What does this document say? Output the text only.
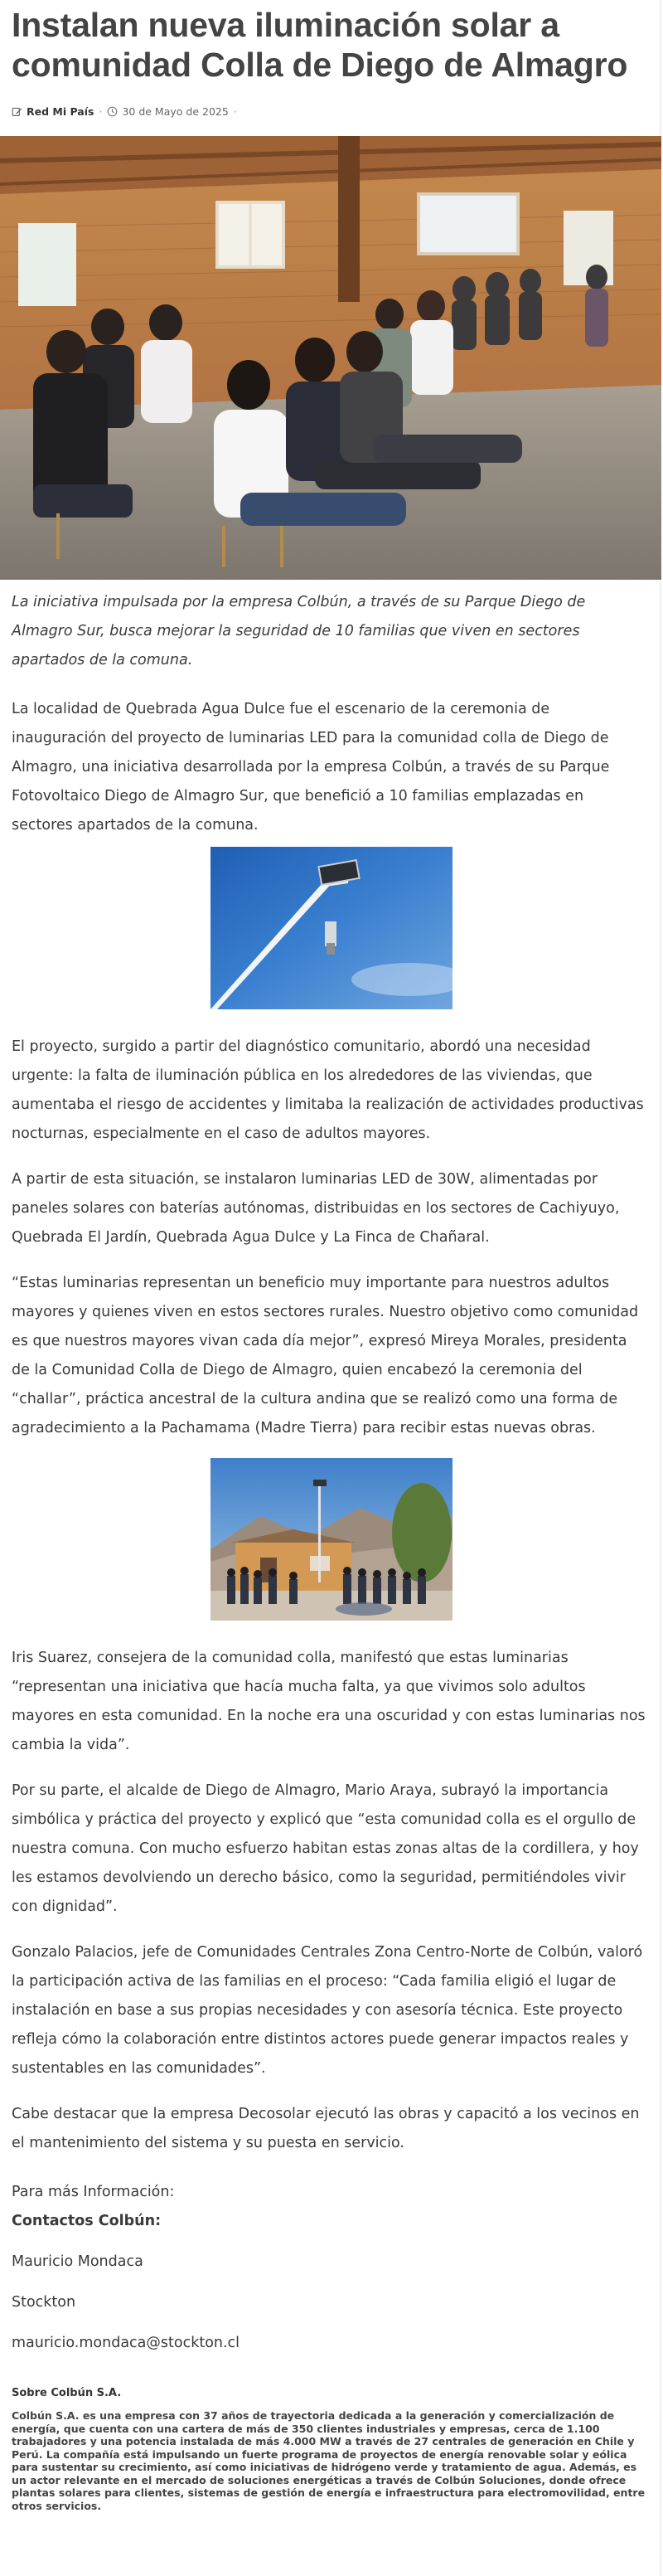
Instalan nueva iluminación solar a comunidad Colla de Diego de Almagro
Red Mi País · 30 de Mayo de 2025 ·

La iniciativa impulsada por la empresa Colbún, a través de su Parque Diego de Almagro Sur, busca mejorar la seguridad de 10 familias que viven en sectores apartados de la comuna.

La localidad de Quebrada Agua Dulce fue el escenario de la ceremonia de inauguración del proyecto de luminarias LED para la comunidad colla de Diego de Almagro, una iniciativa desarrollada por la empresa Colbún, a través de su Parque Fotovoltaico Diego de Almagro Sur, que benefició a 10 familias emplazadas en sectores apartados de la comuna.

El proyecto, surgido a partir del diagnóstico comunitario, abordó una necesidad urgente: la falta de iluminación pública en los alrededores de las viviendas, que aumentaba el riesgo de accidentes y limitaba la realización de actividades productivas nocturnas, especialmente en el caso de adultos mayores.

A partir de esta situación, se instalaron luminarias LED de 30W, alimentadas por paneles solares con baterías autónomas, distribuidas en los sectores de Cachiyuyo, Quebrada El Jardín, Quebrada Agua Dulce y La Finca de Chañaral.

“Estas luminarias representan un beneficio muy importante para nuestros adultos mayores y quienes viven en estos sectores rurales. Nuestro objetivo como comunidad es que nuestros mayores vivan cada día mejor”, expresó Mireya Morales, presidenta de la Comunidad Colla de Diego de Almagro, quien encabezó la ceremonia del “challar”, práctica ancestral de la cultura andina que se realizó como una forma de agradecimiento a la Pachamama (Madre Tierra) para recibir estas nuevas obras.

Iris Suarez, consejera de la comunidad colla, manifestó que estas luminarias “representan una iniciativa que hacía mucha falta, ya que vivimos solo adultos mayores en esta comunidad. En la noche era una oscuridad y con estas luminarias nos cambia la vida”.

Por su parte, el alcalde de Diego de Almagro, Mario Araya, subrayó la importancia simbólica y práctica del proyecto y explicó que “esta comunidad colla es el orgullo de nuestra comuna. Con mucho esfuerzo habitan estas zonas altas de la cordillera, y hoy les estamos devolviendo un derecho básico, como la seguridad, permitiéndoles vivir con dignidad”.

Gonzalo Palacios, jefe de Comunidades Centrales Zona Centro-Norte de Colbún, valoró la participación activa de las familias en el proceso: “Cada familia eligió el lugar de instalación en base a sus propias necesidades y con asesoría técnica. Este proyecto refleja cómo la colaboración entre distintos actores puede generar impactos reales y sustentables en las comunidades”.

Cabe destacar que la empresa Decosolar ejecutó las obras y capacitó a los vecinos en el mantenimiento del sistema y su puesta en servicio.

Para más Información:
Contactos Colbún:
Mauricio Mondaca
Stockton
mauricio.mondaca@stockton.cl
Sobre Colbún S.A.

Colbún S.A. es una empresa con 37 años de trayectoria dedicada a la generación y comercialización de energía, que cuenta con una cartera de más de 350 clientes industriales y empresas, cerca de 1.100 trabajadores y una potencia instalada de más 4.000 MW a través de 27 centrales de generación en Chile y Perú. La compañía está impulsando un fuerte programa de proyectos de energía renovable solar y eólica para sustentar su crecimiento, así como iniciativas de hidrógeno verde y tratamiento de agua. Además, es un actor relevante en el mercado de soluciones energéticas a través de Colbún Soluciones, donde ofrece plantas solares para clientes, sistemas de gestión de energía e infraestructura para electromovilidad, entre otros servicios.
